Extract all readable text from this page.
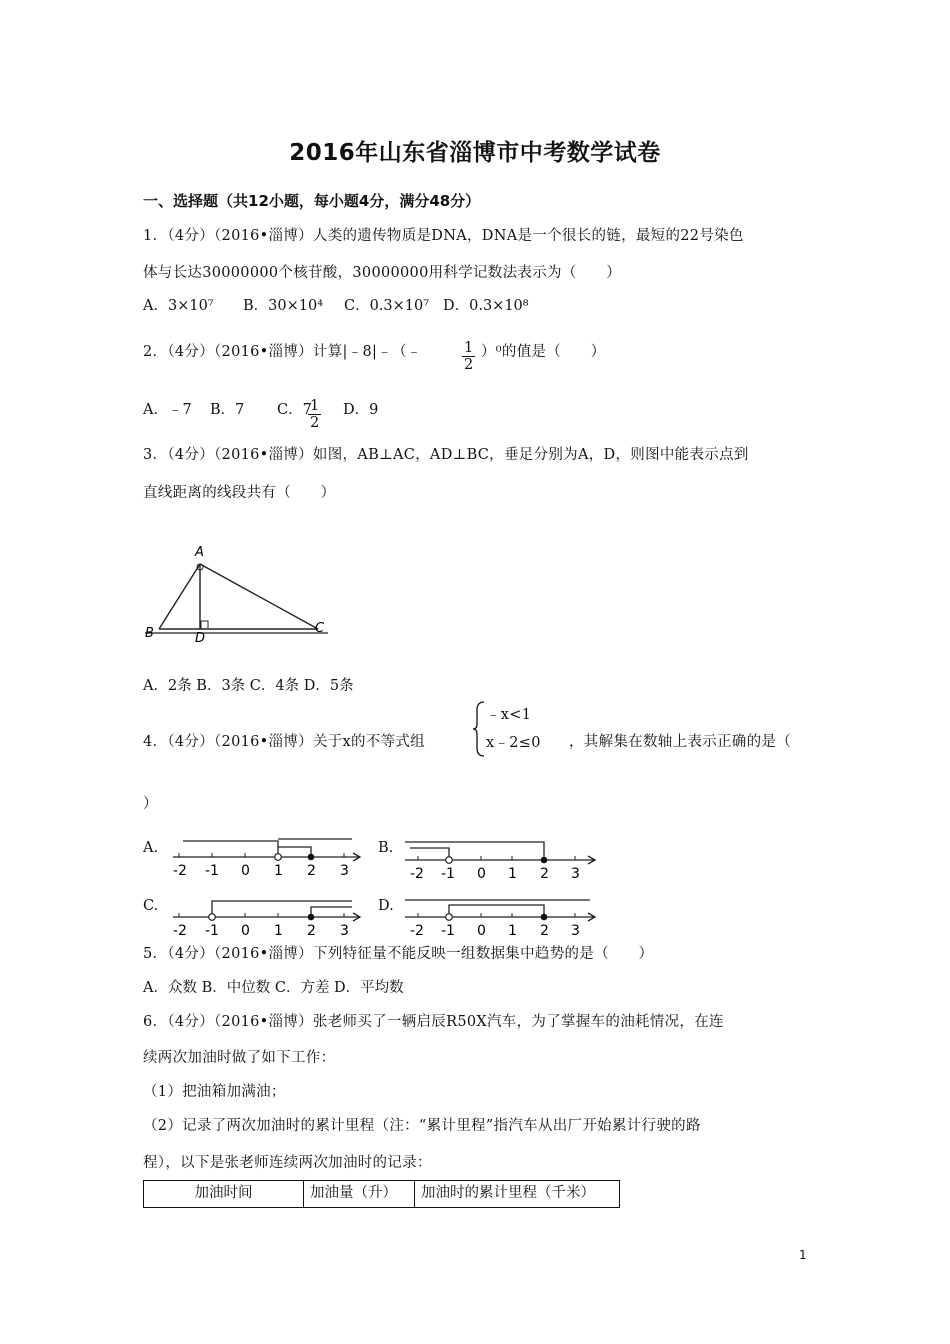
2016年山东省淄博市中考数学试卷
一、选择题（共12小题，每小题4分，满分48分）
1．（4分）（2016•淄博）人类的遗传物质是DNA，DNA是一个很长的链，最短的22号染色
体与长达30000000个核苷酸，30000000用科学记数法表示为（　　）
A．3×10⁷ B．30×10⁴ C．0.3×10⁷ D．0.3×10⁸
2．（4分）（2016•淄博）计算|﹣8|﹣（﹣	$\frac{1}{2} )^0$的值是（　　）
A．﹣7 B．7 C．7
$\frac{1}{2}$ D．9
3．（4分）（2016•淄博）如图，AB⊥AC，AD⊥BC，垂足分别为A，D，则图中能表示点到
直线距离的线段共有（　　）
A
B	C
D
A．2条 B．3条 C．4条 D．5条
4．（4分）（2016•淄博）关于x的不等式组
﹣x<1
x﹣2≤0 ，其解集在数轴上表示正确的是（
）
A.	B.
C.	D.
-2 -1 0 1 2 3	-2 -1 0 1 2 3
-2 -1 0 1 2 3	-2 -1 0 1 2 3
5．（4分）（2016•淄博）下列特征量不能反映一组数据集中趋势的是（　　）
A．众数 B．中位数 C．方差 D．平均数
6．（4分）（2016•淄博）张老师买了一辆启辰R50X汽车，为了掌握车的油耗情况，在连
续两次加油时做了如下工作：
（1）把油箱加满油；
（2）记录了两次加油时的累计里程（注：“累计里程”指汽车从出厂开始累计行驶的路
程），以下是张老师连续两次加油时的记录：
加油时间	加油量（升）	加油时的累计里程（千米）
1
